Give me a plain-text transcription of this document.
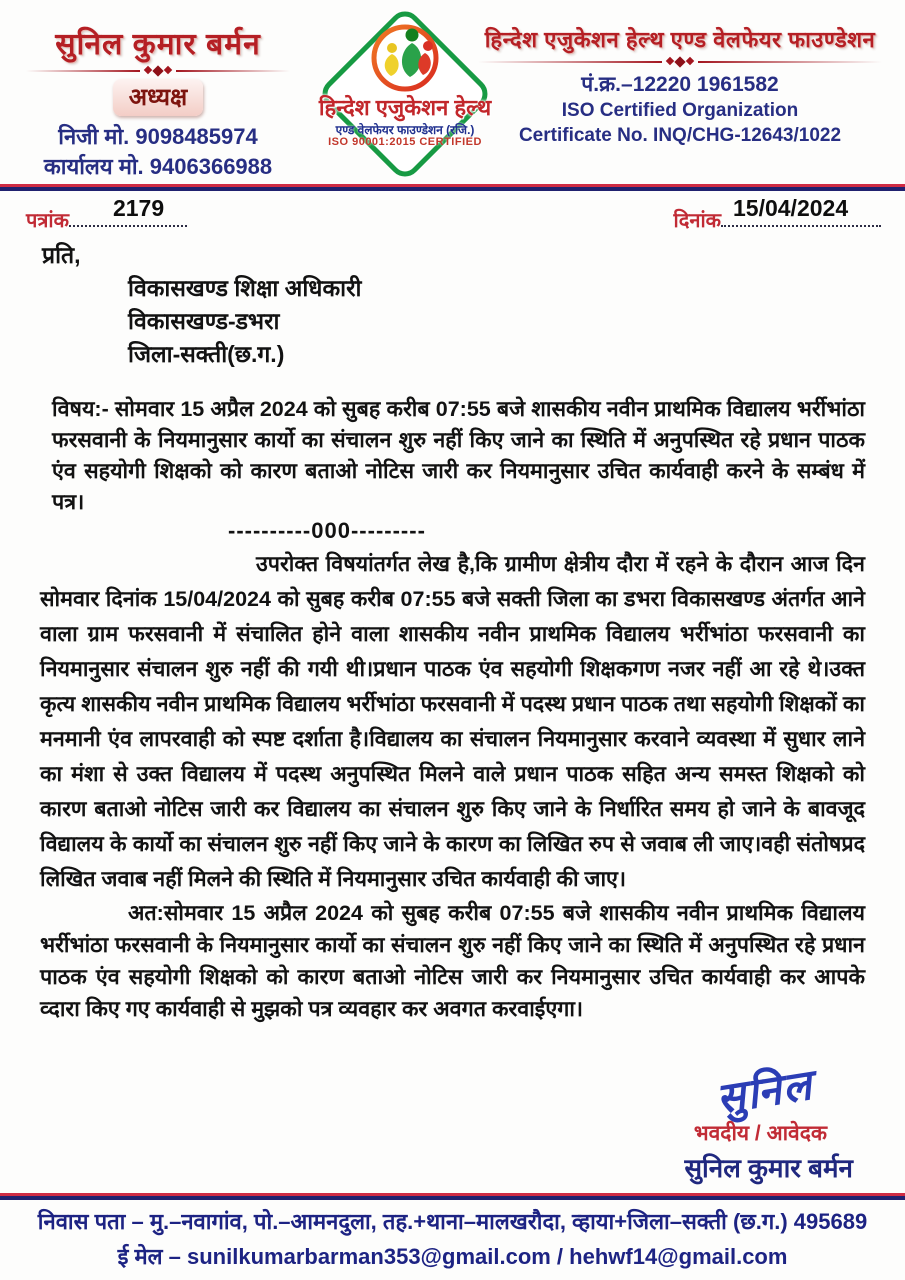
सुनिल कुमार बर्मन
अध्यक्ष
निजी मो. 9098485974
कार्यालय मो. 9406366988
हिन्देश एजुकेशन हेल्थ
एण्ड वेलफेयर फाउण्डेशन (रजि.)
ISO 90001:2015 CERTIFIED
हिन्देश एजुकेशन हेल्थ एण्ड वेलफेयर फाउण्डेशन
पं.क्र.–12220 1961582
ISO Certified Organization
Certificate No. INQ/CHG-12643/1022
पत्रांक 2179	दिनांक 15/04/2024
प्रति,
विकासखण्ड शिक्षा अधिकारी
विकासखण्ड-डभरा
जिला-सक्ती(छ.ग.)
विषय:- सोमवार 15 अप्रैल 2024 को सुबह करीब 07:55 बजे शासकीय नवीन प्राथमिक विद्यालय भर्रीभांठा फरसवानी के नियमानुसार कार्यो का संचालन शुरु नहीं किए जाने का स्थिति में अनुपस्थित रहे प्रधान पाठक एंव सहयोगी शिक्षको को कारण बताओ नोटिस जारी कर नियमानुसार उचित कार्यवाही करने के सम्बंध में पत्र।
----------000---------
उपरोक्त विषयांतर्गत लेख है,कि ग्रामीण क्षेत्रीय दौरा में रहने के दौरान आज दिन सोमवार दिनांक 15/04/2024 को सुबह करीब 07:55 बजे सक्ती जिला का डभरा विकासखण्ड अंतर्गत आने वाला ग्राम फरसवानी में संचालित होने वाला शासकीय नवीन प्राथमिक विद्यालय भर्रीभांठा फरसवानी का नियमानुसार संचालन शुरु नहीं की गयी थी।प्रधान पाठक एंव सहयोगी शिक्षकगण नजर नहीं आ रहे थे।उक्त कृत्य शासकीय नवीन प्राथमिक विद्यालय भर्रीभांठा फरसवानी में पदस्थ प्रधान पाठक तथा सहयोगी शिक्षकों का मनमानी एंव लापरवाही को स्पष्ट दर्शाता है।विद्यालय का संचालन नियमानुसार करवाने व्यवस्था में सुधार लाने का मंशा से उक्त विद्यालय में पदस्थ अनुपस्थित मिलने वाले प्रधान पाठक सहित अन्य समस्त शिक्षको को कारण बताओ नोटिस जारी कर विद्यालय का संचालन शुरु किए जाने के निर्धारित समय हो जाने के बावजूद विद्यालय के कार्यो का संचालन शुरु नहीं किए जाने के कारण का लिखित रुप से जवाब ली जाए।वही संतोषप्रद लिखित जवाब नहीं मिलने की स्थिति में नियमानुसार उचित कार्यवाही की जाए।
अत:सोमवार 15 अप्रैल 2024 को सुबह करीब 07:55 बजे शासकीय नवीन प्राथमिक विद्यालय भर्रीभांठा फरसवानी के नियमानुसार कार्यो का संचालन शुरु नहीं किए जाने का स्थिति में अनुपस्थित रहे प्रधान पाठक एंव सहयोगी शिक्षको को कारण बताओ नोटिस जारी कर नियमानुसार उचित कार्यवाही कर आपके व्दारा किए गए कार्यवाही से मुझको पत्र व्यवहार कर अवगत करवाईएगा।
सुनिल
भवदीय / आवेदक
सुनिल कुमार बर्मन
निवास पता – मु.–नवागांव, पो.–आमनदुला, तह.+थाना–मालखरौदा, व्हाया+जिला–सक्ती (छ.ग.) 495689
ई मेल – sunilkumarbarman353@gmail.com / hehwf14@gmail.com
